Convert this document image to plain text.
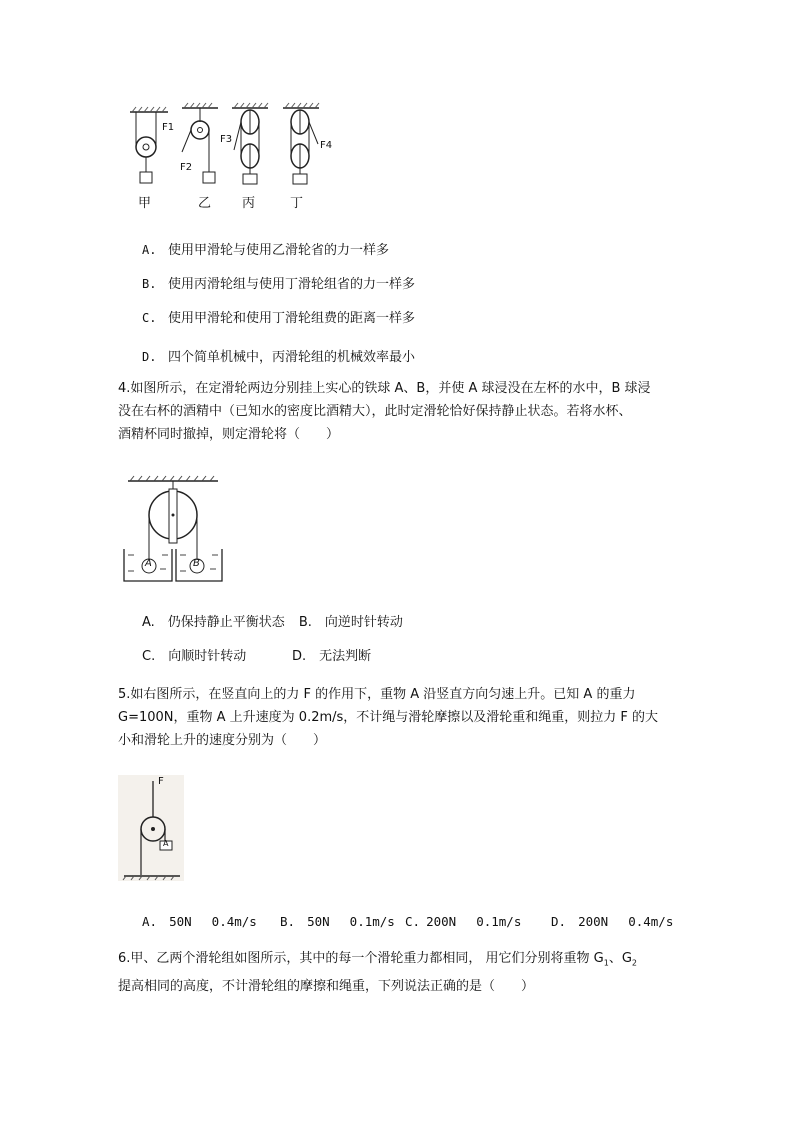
F1
F2
F3
F4
甲	乙 丙	丁
A. 使用甲滑轮与使用乙滑轮省的力一样多
B. 使用丙滑轮组与使用丁滑轮组省的力一样多
C. 使用甲滑轮和使用丁滑轮组费的距离一样多
D. 四个简单机械中，丙滑轮组的机械效率最小
4.如图所示，在定滑轮两边分别挂上实心的铁球 A、B，并使 A 球浸没在左杯的水中，B 球浸
没在右杯的酒精中（已知水的密度比酒精大），此时定滑轮恰好保持静止状态。若将水杯、
酒精杯同时撤掉，则定滑轮将（　　）
A	B
A.　仍保持静止平衡状态 B.　向逆时针转动
C.　向顺时针转动	D.　无法判断
5.如右图所示，在竖直向上的力 F 的作用下，重物 A 沿竖直方向匀速上升。已知 A 的重力
G=100N，重物 A 上升速度为 0.2m/s，不计绳与滑轮摩擦以及滑轮重和绳重，则拉力 F 的大
小和滑轮上升的速度分别为（　　）
F
A
A. 50N　 0.4m/s B. 50N　 0.1m/s C. 200N　 0.1m/s D. 200N　 0.4m/s
6.甲、乙两个滑轮组如图所示，其中的每一个滑轮重力都相同， 用它们分别将重物 $G_1$、$G_2$
提高相同的高度，不计滑轮组的摩擦和绳重，下列说法正确的是（　　）
